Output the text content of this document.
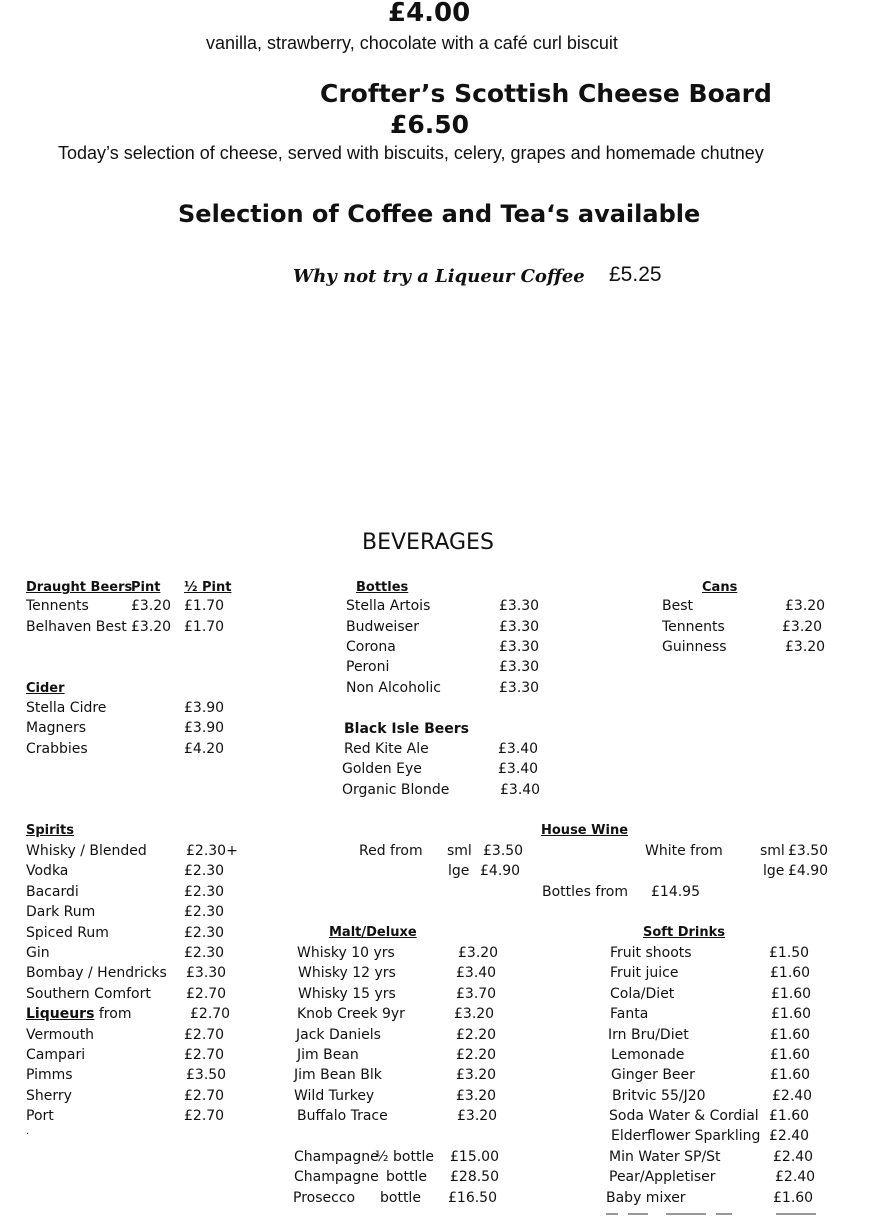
£4.00
vanilla, strawberry, chocolate with a café curl biscuit
Crofter’s Scottish Cheese Board
£6.50
Today’s selection of cheese, served with biscuits, celery, grapes and homemade chutney
Selection of Coffee and Tea‘s available
Why not try a Liqueur Coffee £5.25
BEVERAGES
Draught Beers
Pint ½ Pint
Tennents	£3.20 £1.70
Belhaven Best £3.20 £1.70
Cider
Stella Cidre	£3.90
Magners	£3.90
Crabbies	£4.20
Bottles
Stella Artois	£3.30
Budweiser	£3.30
Corona	£3.30
Peroni	£3.30
Non Alcoholic	£3.30
Black Isle Beers
Red Kite Ale	£3.40
Golden Eye	£3.40
Organic Blonde	£3.40
Cans
Best	£3.20
Tennents	£3.20
Guinness	£3.20
Spirits
Whisky / Blended	£2.30+
Vodka	£2.30
Bacardi	£2.30
Dark Rum	£2.30
Spiced Rum	£2.30
Gin	£2.30
Bombay / Hendricks £3.30
Southern Comfort	£2.70
Liqueurs from	£2.70
Vermouth	£2.70
Campari	£2.70
Pimms	£3.50
Sherry	£2.70
Port	£2.70
.
House Wine
Red from sml £3.50
lge £4.90
White from	sml £3.50
lge £4.90
Bottles from £14.95
Malt/Deluxe
Whisky 10 yrs	£3.20
Whisky 12 yrs	£3.40
Whisky 15 yrs	£3.70
Knob Creek 9yr	£3.20
Jack Daniels	£2.20
Jim Bean	£2.20
Jim Bean Blk	£3.20
Wild Turkey	£3.20
Buffalo Trace	£3.20
Champagne
½ bottle £15.00
Champagne bottle £28.50
Prosecco bottle £16.50
Soft Drinks
Fruit shoots	£1.50
Fruit juice	£1.60
Cola/Diet	£1.60
Fanta	£1.60
Irn Bru/Diet	£1.60
Lemonade	£1.60
Ginger Beer	£1.60
Britvic 55/J20	£2.40
Soda Water & Cordial £1.60
Elderflower Sparkling £2.40
Min Water SP/St	£2.40
Pear/Appletiser	£2.40
Baby mixer	£1.60
